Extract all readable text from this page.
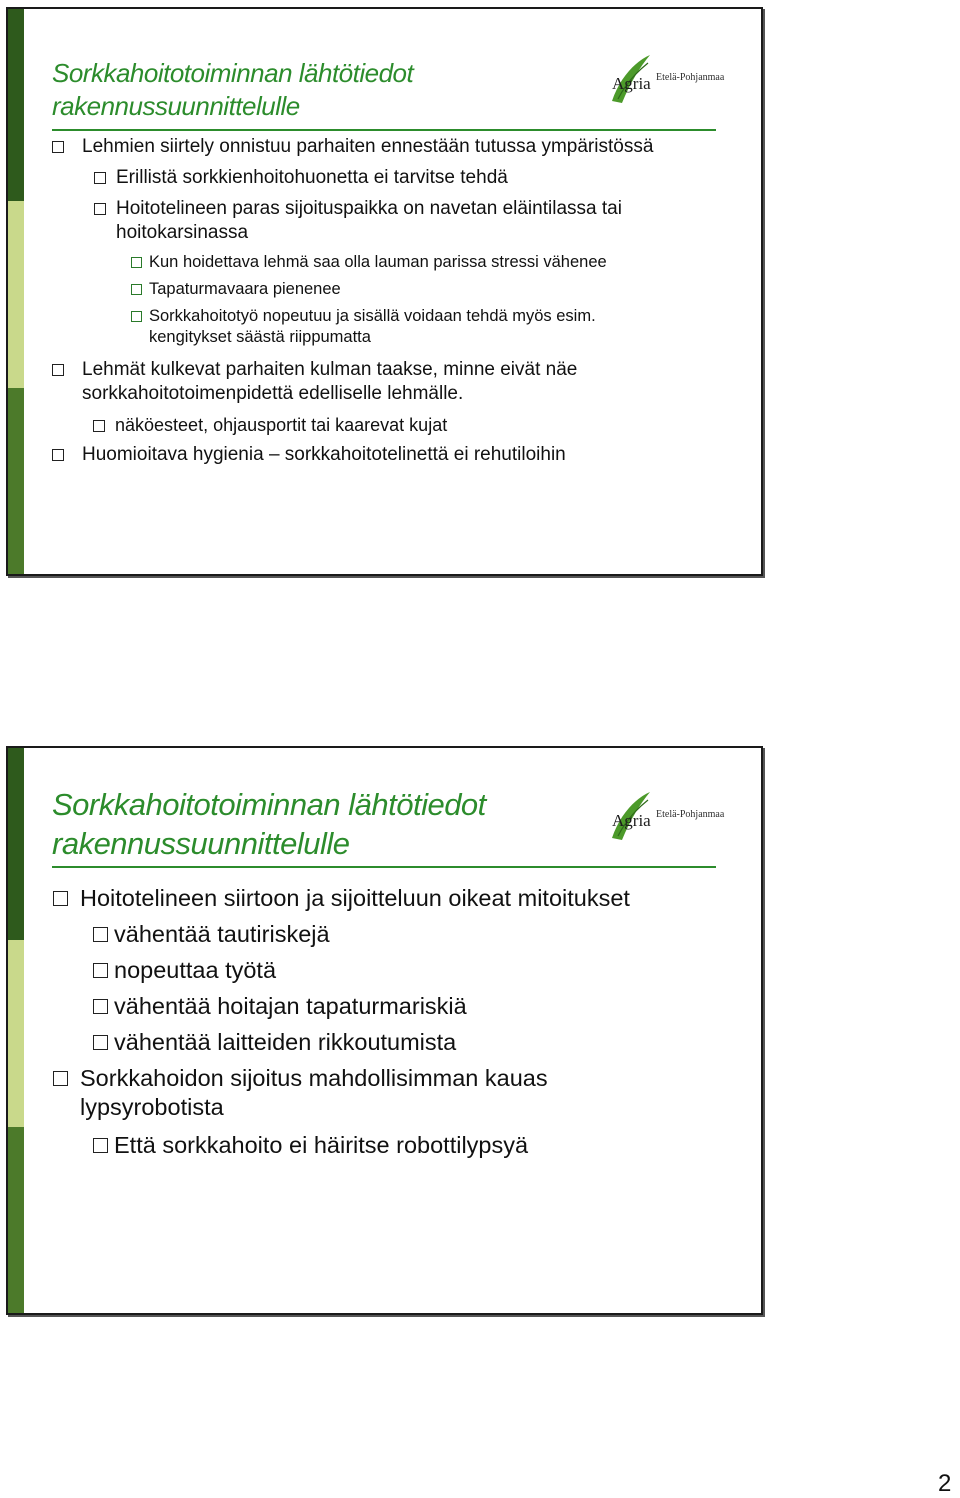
Sorkkahoitotoiminnan lähtötiedot
rakennussuunnittelulle
Agria Etelä-Pohjanmaa
Lehmien siirtely onnistuu parhaiten ennestään tutussa ympäristössä
Erillistä sorkkienhoitohuonetta ei tarvitse tehdä
Hoitotelineen paras sijoituspaikka on navetan eläintilassa tai
hoitokarsinassa
Kun hoidettava lehmä saa olla lauman parissa stressi vähenee
Tapaturmavaara pienenee
Sorkkahoitotyö nopeutuu ja sisällä voidaan tehdä myös esim.
kengitykset säästä riippumatta
Lehmät kulkevat parhaiten kulman taakse, minne eivät näe
sorkkahoitotoimenpidettä edelliselle lehmälle.
näköesteet, ohjausportit tai kaarevat kujat
Huomioitava hygienia – sorkkahoitotelinettä ei rehutiloihin
Sorkkahoitotoiminnan lähtötiedot
rakennussuunnittelulle
Agria Etelä-Pohjanmaa
Hoitotelineen siirtoon ja sijoitteluun oikeat mitoitukset
vähentää tautiriskejä
nopeuttaa työtä
vähentää hoitajan tapaturmariskiä
vähentää laitteiden rikkoutumista
Sorkkahoidon sijoitus mahdollisimman kauas
lypsyrobotista
Että sorkkahoito ei häiritse robottilypsyä
2
